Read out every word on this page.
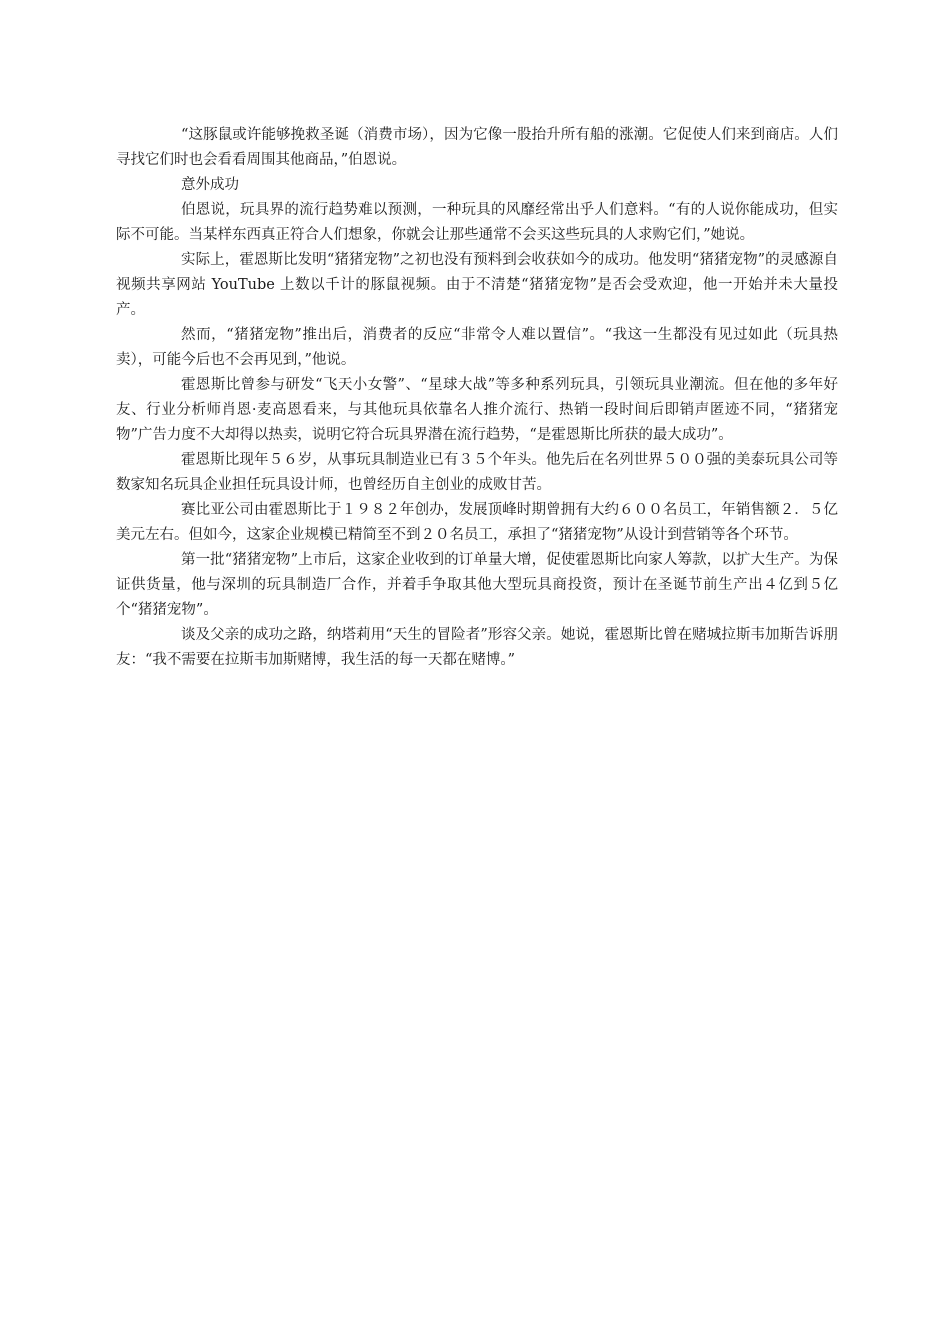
“这豚鼠或许能够挽救圣诞（消费市场），因为它像一股抬升所有船的涨潮。它促使人们来到商店。人们寻找它们时也会看看周围其他商品，”伯恩说。

意外成功

伯恩说，玩具界的流行趋势难以预测，一种玩具的风靡经常出乎人们意料。“有的人说你能成功，但实际不可能。当某样东西真正符合人们想象，你就会让那些通常不会买这些玩具的人求购它们，”她说。

实际上，霍恩斯比发明“猪猪宠物”之初也没有预料到会收获如今的成功。他发明“猪猪宠物”的灵感源自视频共享网站 YouTube 上数以千计的豚鼠视频。由于不清楚“猪猪宠物”是否会受欢迎，他一开始并未大量投产。

然而，“猪猪宠物”推出后，消费者的反应“非常令人难以置信”。“我这一生都没有见过如此（玩具热卖），可能今后也不会再见到，”他说。

霍恩斯比曾参与研发“飞天小女警”、“星球大战”等多种系列玩具，引领玩具业潮流。但在他的多年好友、行业分析师肖恩·麦高恩看来，与其他玩具依靠名人推介流行、热销一段时间后即销声匿迹不同，“猪猪宠物”广告力度不大却得以热卖，说明它符合玩具界潜在流行趋势，“是霍恩斯比所获的最大成功”。

霍恩斯比现年５６岁，从事玩具制造业已有３５个年头。他先后在名列世界５００强的美泰玩具公司等数家知名玩具企业担任玩具设计师，也曾经历自主创业的成败甘苦。

赛比亚公司由霍恩斯比于１９８２年创办，发展顶峰时期曾拥有大约６００名员工，年销售额２．５亿美元左右。但如今，这家企业规模已精简至不到２０名员工，承担了“猪猪宠物”从设计到营销等各个环节。

第一批“猪猪宠物”上市后，这家企业收到的订单量大增，促使霍恩斯比向家人筹款，以扩大生产。为保证供货量，他与深圳的玩具制造厂合作，并着手争取其他大型玩具商投资，预计在圣诞节前生产出４亿到５亿个“猪猪宠物”。

谈及父亲的成功之路，纳塔莉用“天生的冒险者”形容父亲。她说，霍恩斯比曾在赌城拉斯韦加斯告诉朋友：“我不需要在拉斯韦加斯赌博，我生活的每一天都在赌博。”
